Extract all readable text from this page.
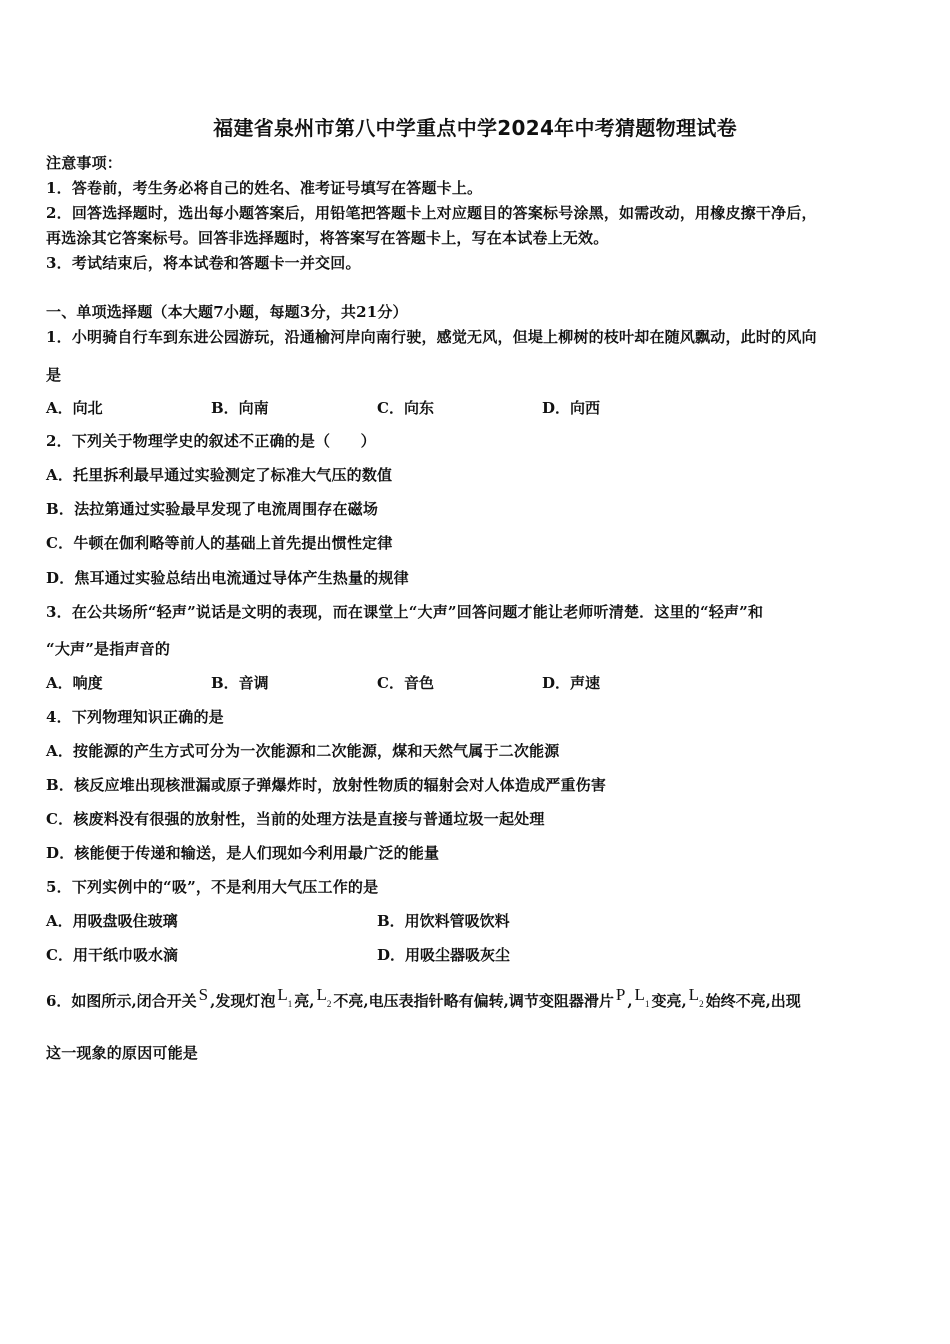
福建省泉州市第八中学重点中学2024年中考猜题物理试卷
注意事项：
1．答卷前，考生务必将自己的姓名、准考证号填写在答题卡上。
2．回答选择题时，选出每小题答案后，用铅笔把答题卡上对应题目的答案标号涂黑，如需改动，用橡皮擦干净后，
再选涂其它答案标号。回答非选择题时，将答案写在答题卡上，写在本试卷上无效。
3．考试结束后，将本试卷和答题卡一并交回。
一、单项选择题（本大题7小题，每题3分，共21分）
1．小明骑自行车到东进公园游玩，沿通榆河岸向南行驶，感觉无风，但堤上柳树的枝叶却在随风飘动，此时的风向
是
A．向北	B．向南	C．向东	D．向西
2．下列关于物理学史的叙述不正确的是（　　）
A．托里拆利最早通过实验测定了标准大气压的数值
B．法拉第通过实验最早发现了电流周围存在磁场
C．牛顿在伽利略等前人的基础上首先提出惯性定律
D．焦耳通过实验总结出电流通过导体产生热量的规律
3．在公共场所“轻声”说话是文明的表现，而在课堂上“大声”回答问题才能让老师听清楚．这里的“轻声”和
“大声”是指声音的
A．响度	B．音调	C．音色	D．声速
4．下列物理知识正确的是
A．按能源的产生方式可分为一次能源和二次能源，煤和天然气属于二次能源
B．核反应堆出现核泄漏或原子弹爆炸时，放射性物质的辐射会对人体造成严重伤害
C．核废料没有很强的放射性，当前的处理方法是直接与普通垃圾一起处理
D．核能便于传递和输送，是人们现如今利用最广泛的能量
5．下列实例中的“吸”，不是利用大气压工作的是
A．用吸盘吸住玻璃	B．用饮料管吸饮料
C．用干纸巾吸水滴	D．用吸尘器吸灰尘
6．如图所示,闭合开关 S ,发现灯泡 $L_1$ 亮, $L_2$ 不亮,电压表指针略有偏转,调节变阻器滑片 P , $L_1$ 变亮, $L_2$ 始终不亮,出现
这一现象的原因可能是
